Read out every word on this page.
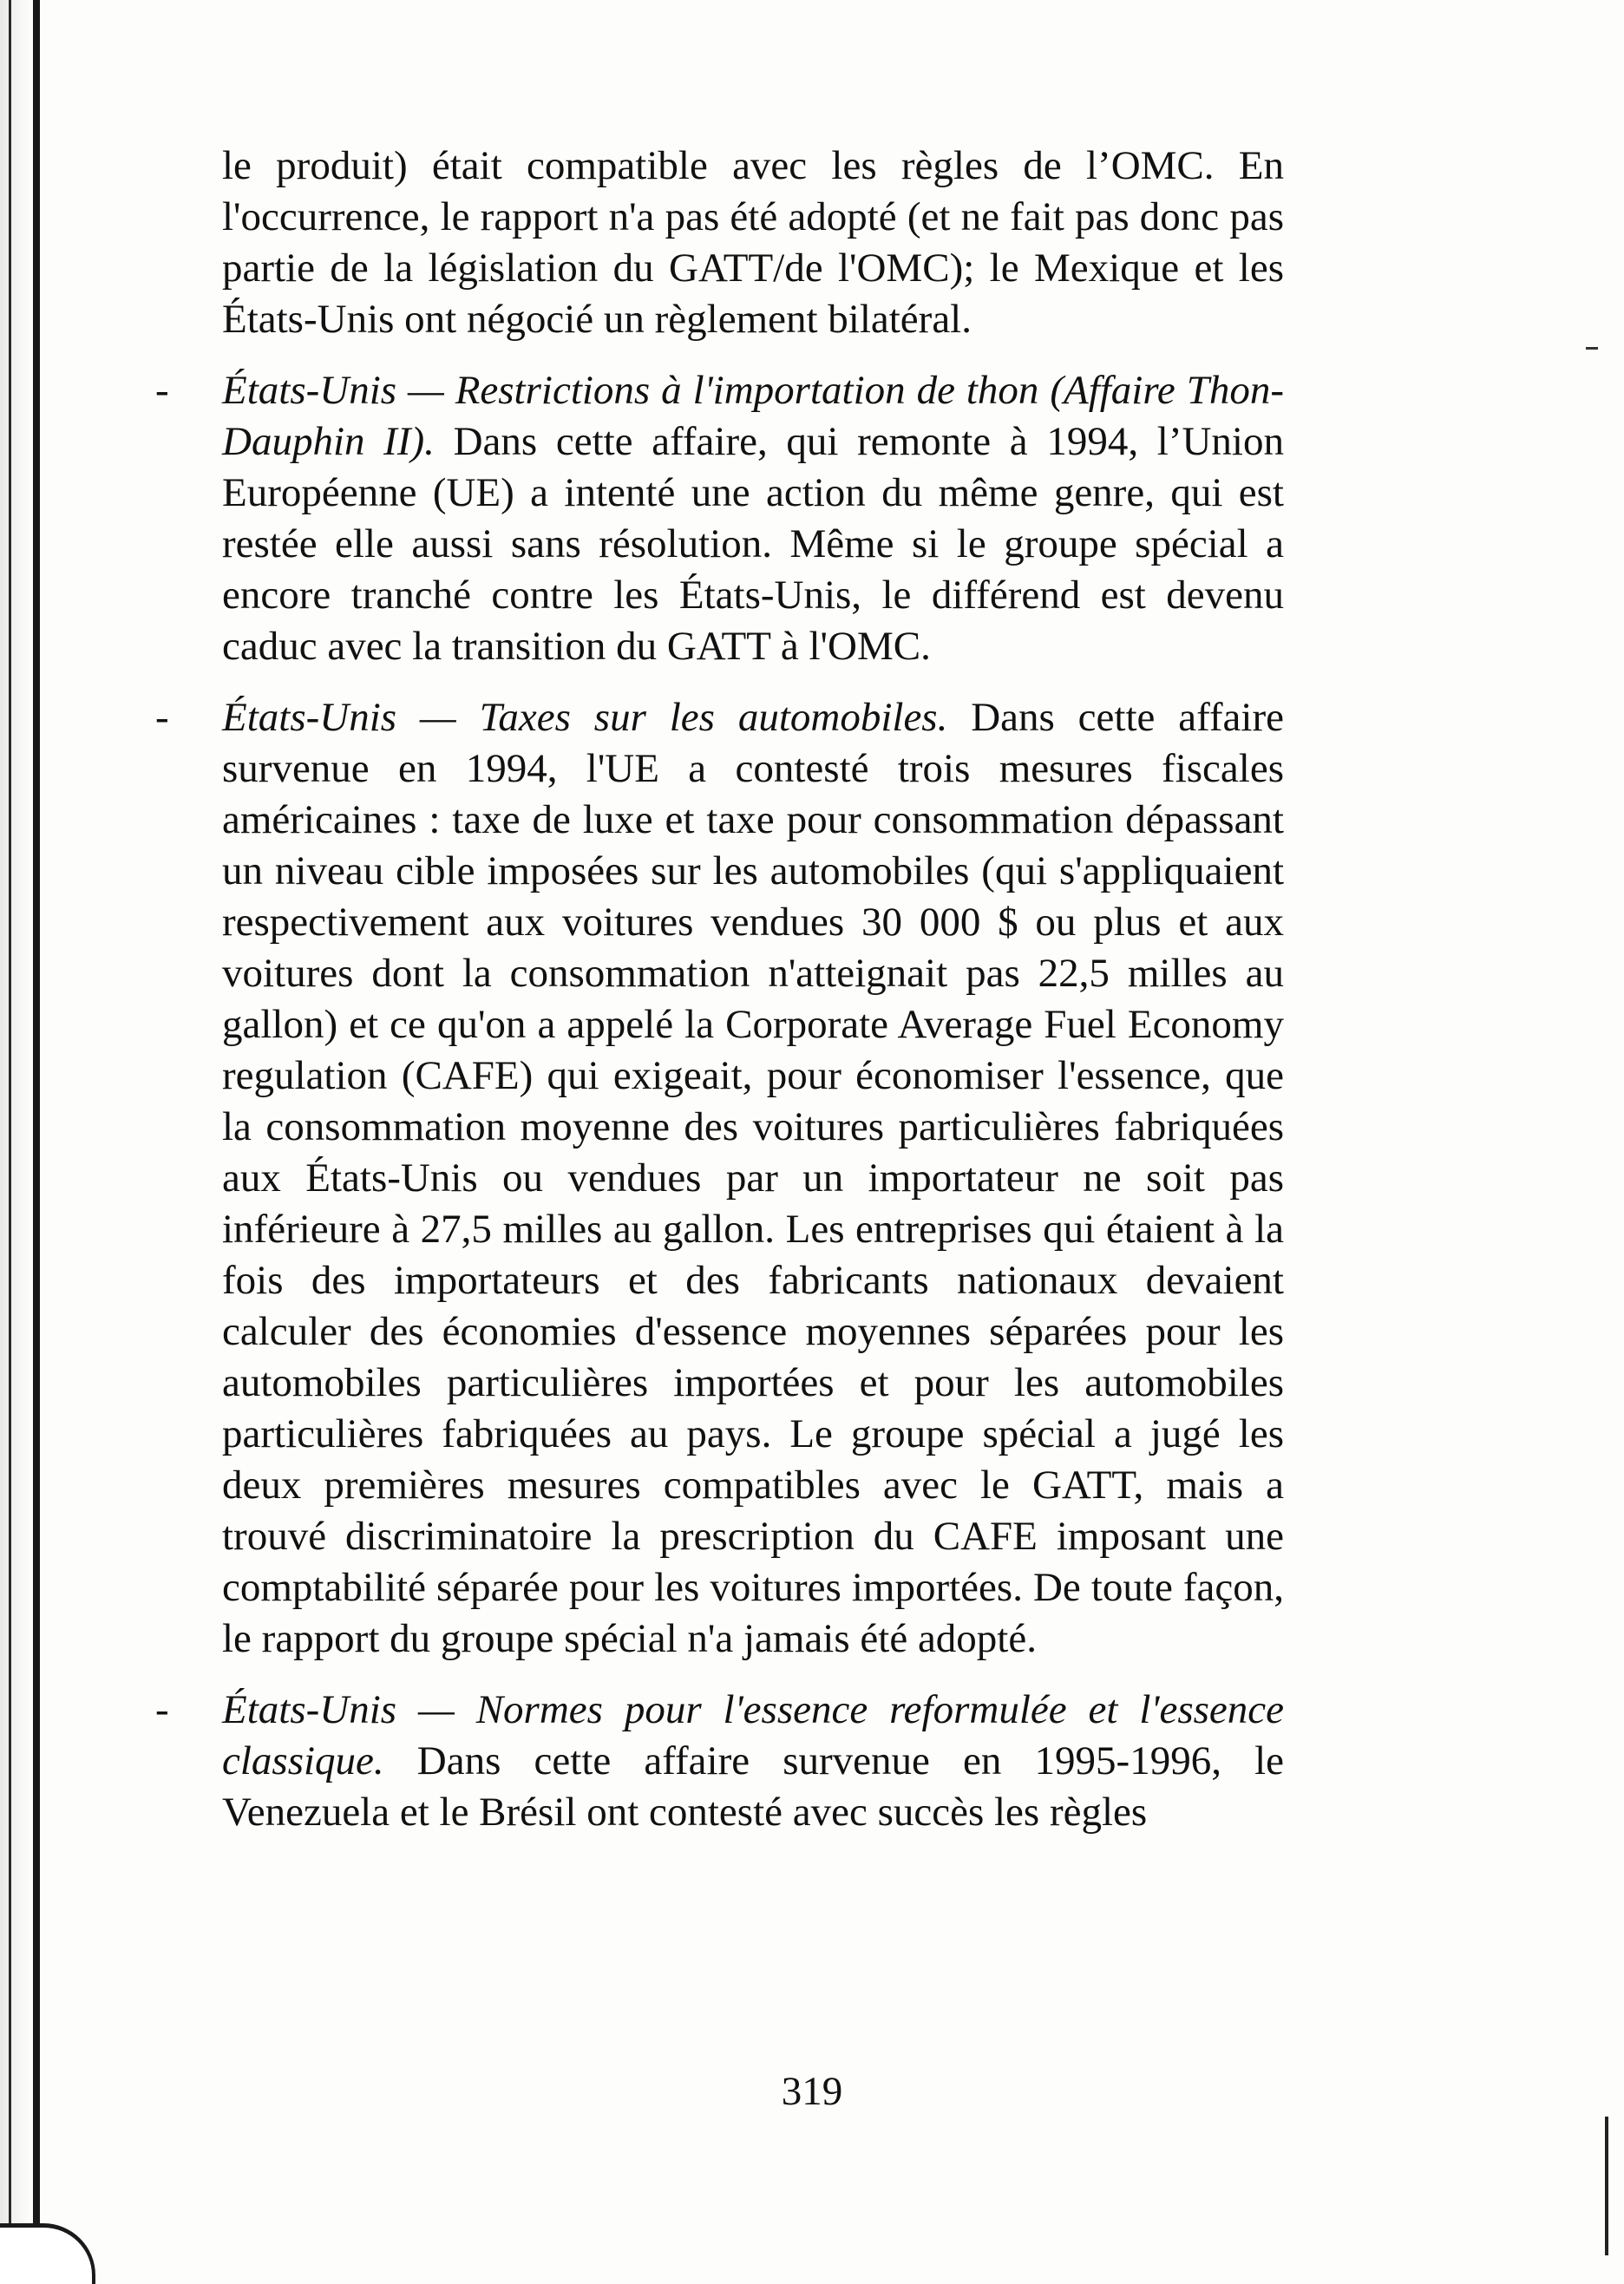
le produit) était compatible avec les règles de l’OMC. En l'occurrence, le rapport n'a pas été adopté (et ne fait pas donc pas partie de la législation du GATT/de l'OMC); le Mexique et les États-Unis ont négocié un règlement bilatéral.

-	États-Unis — Restrictions à l'importation de thon (Affaire Thon-Dauphin II). Dans cette affaire, qui remonte à 1994, l’Union Européenne (UE) a intenté une action du même genre, qui est restée elle aussi sans résolution. Même si le groupe spécial a encore tranché contre les États-Unis, le différend est devenu caduc avec la transition du GATT à l'OMC.
-	États-Unis — Taxes sur les automobiles. Dans cette affaire survenue en 1994, l'UE a contesté trois mesures fiscales américaines : taxe de luxe et taxe pour consommation dépassant un niveau cible imposées sur les automobiles (qui s'appliquaient respectivement aux voitures vendues 30 000 $ ou plus et aux voitures dont la consommation n'atteignait pas 22,5 milles au gallon) et ce qu'on a appelé la Corporate Average Fuel Economy regulation (CAFE) qui exigeait, pour économiser l'essence, que la consommation moyenne des voitures particulières fabriquées aux États-Unis ou vendues par un importateur ne soit pas inférieure à 27,5 milles au gallon. Les entreprises qui étaient à la fois des importateurs et des fabricants nationaux devaient calculer des économies d'essence moyennes séparées pour les automobiles particulières importées et pour les automobiles particulières fabriquées au pays. Le groupe spécial a jugé les deux premières mesures compatibles avec le GATT, mais a trouvé discriminatoire la prescription du CAFE imposant une comptabilité séparée pour les voitures importées. De toute façon, le rapport du groupe spécial n'a jamais été adopté.
-	États-Unis — Normes pour l'essence reformulée et l'essence classique. Dans cette affaire survenue en 1995-1996, le Venezuela et le Brésil ont contesté avec succès les règles
319
